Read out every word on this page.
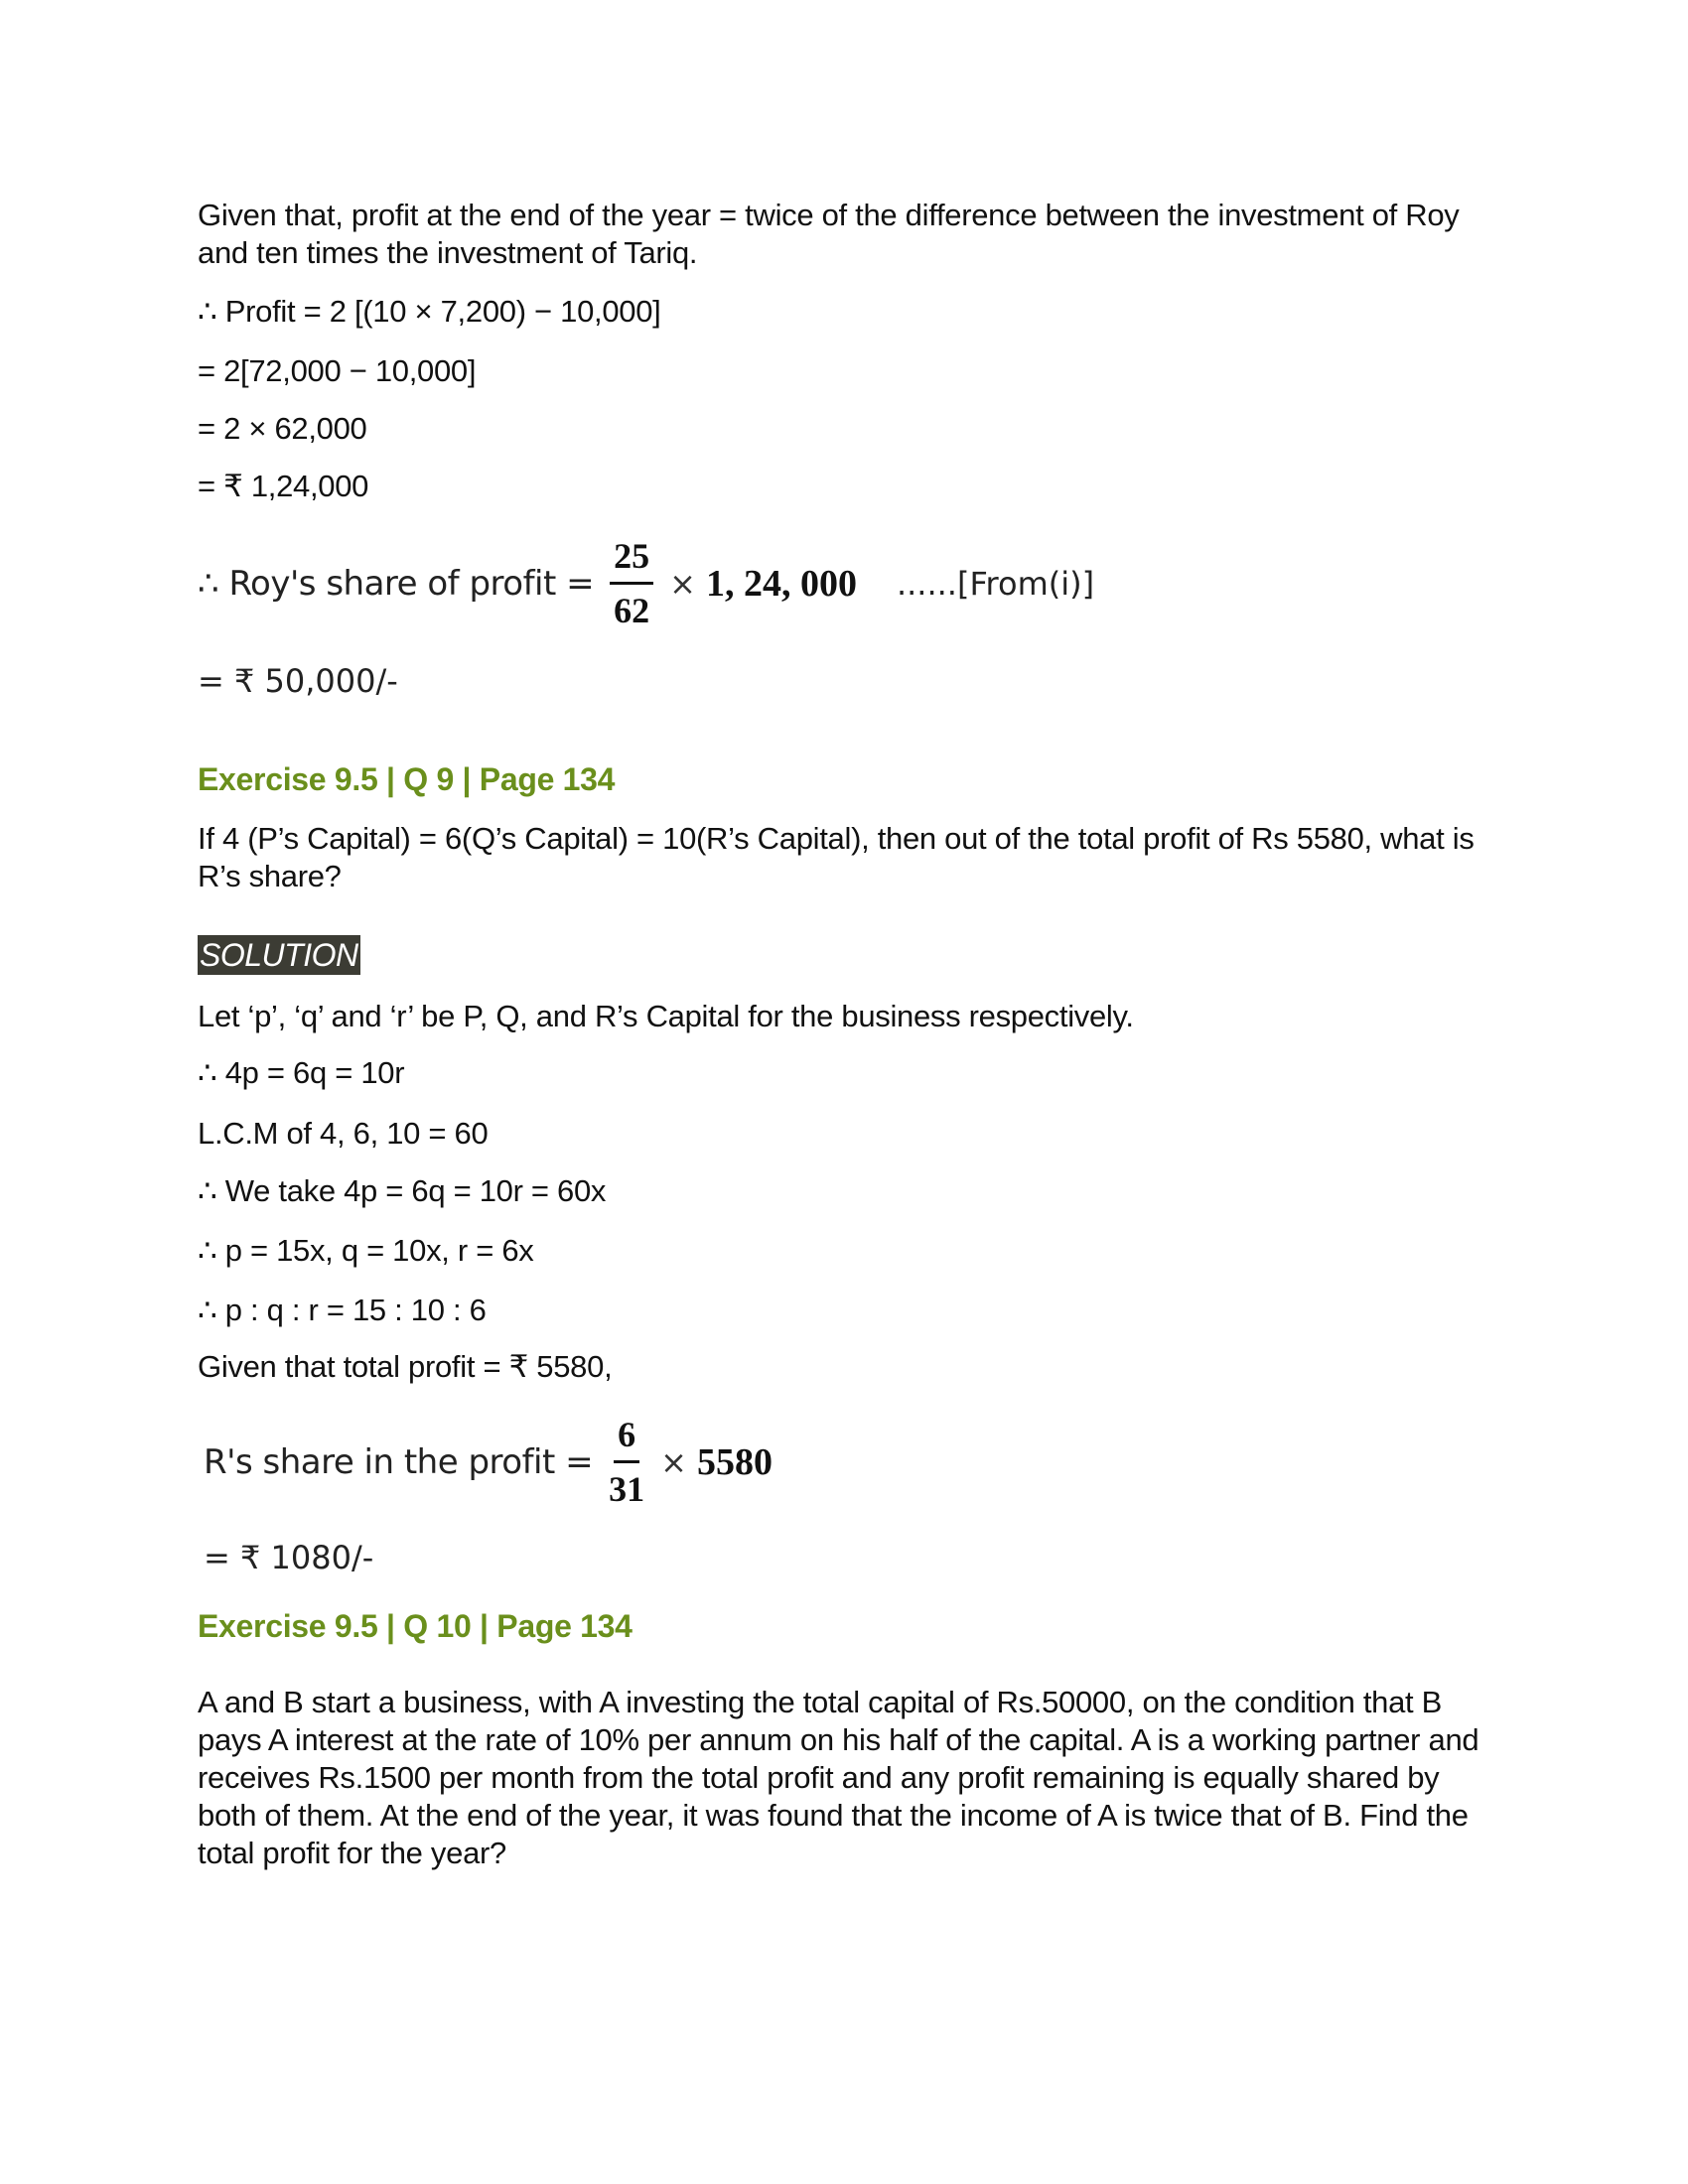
Given that, profit at the end of the year = twice of the difference between the investment of Roy and ten times the investment of Tariq.
∴ Profit = 2 [(10 × 7,200) − 10,000]
= 2[72,000 − 10,000]
= 2 × 62,000
= ₹ 1,24,000
∴ Roy's share of profit = $\frac{25}{62} \times 1$, 24, 000 ......[From(i)]
= ₹ 50,000/-
Exercise 9.5 | Q 9 | Page 134
If 4 (P’s Capital) = 6(Q’s Capital) = 10(R’s Capital), then out of the total profit of Rs 5580, what is R’s share?
SOLUTION
Let ‘p’, ‘q’ and ‘r’ be P, Q, and R’s Capital for the business respectively.
∴ 4p = 6q = 10r
L.C.M of 4, 6, 10 = 60
∴ We take 4p = 6q = 10r = 60x
∴ p = 15x, q = 10x, r = 6x
∴ p : q : r = 15 : 10 : 6
Given that total profit = ₹ 5580,
R's share in the profit = $\frac{6}{31} \times 5580$
= ₹ 1080/-
Exercise 9.5 | Q 10 | Page 134
A and B start a business, with A investing the total capital of Rs.50000, on the condition that B pays A interest at the rate of 10% per annum on his half of the capital. A is a working partner and receives Rs.1500 per month from the total profit and any profit remaining is equally shared by both of them. At the end of the year, it was found that the income of A is twice that of B. Find the total profit for the year?
